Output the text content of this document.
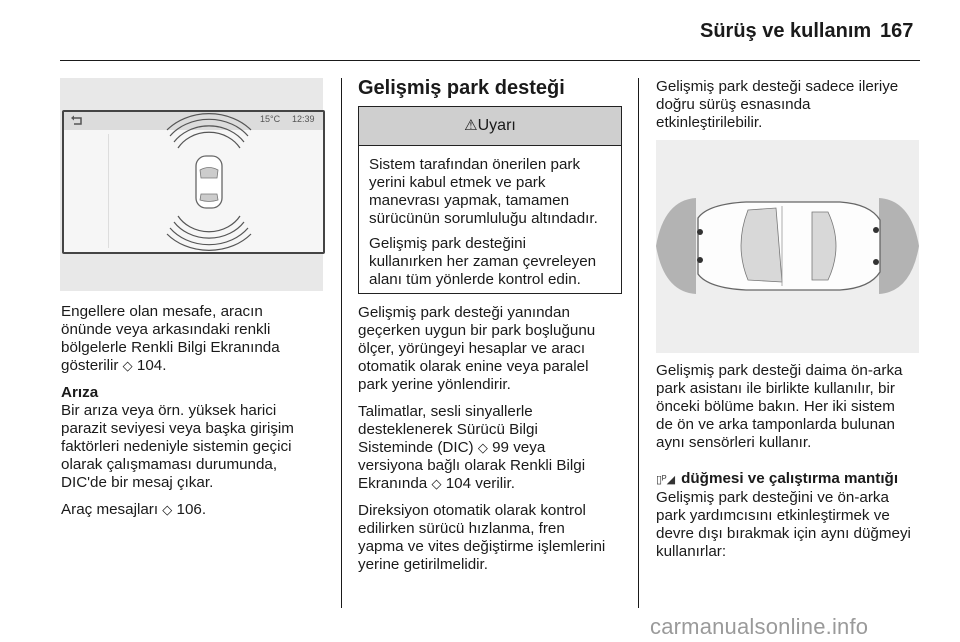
Sürüş ve kullanım 167
15°C 12:39

Engellere olan mesafe, aracın
önünde veya arkasındaki renkli
bölgelerle Renkli Bilgi Ekranında
gösterilir ◇ 104.

Arıza

Bir arıza veya örn. yüksek harici
parazit seviyesi veya başka girişim
faktörleri nedeniyle sistemin geçici
olarak çalışmaması durumunda,
DIC'de bir mesaj çıkar.

Araç mesajları ◇ 106.

Gelişmiş park desteği
⚠Uyarı

Sistem tarafından önerilen park
yerini kabul etmek ve park
manevrası yapmak, tamamen
sürücünün sorumluluğu altındadır.

Gelişmiş park desteğini
kullanırken her zaman çevreleyen
alanı tüm yönlerde kontrol edin.

Gelişmiş park desteği yanından
geçerken uygun bir park boşluğunu
ölçer, yörüngeyi hesaplar ve aracı
otomatik olarak enine veya paralel
park yerine yönlendirir.

Talimatlar, sesli sinyallerle
desteklenerek Sürücü Bilgi
Sisteminde (DIC) ◇ 99 veya
versiyona bağlı olarak Renkli Bilgi
Ekranında ◇ 104 verilir.

Direksiyon otomatik olarak kontrol
edilirken sürücü hızlanma, fren
yapma ve vites değiştirme işlemlerini
yerine getirilmelidir.

Gelişmiş park desteği sadece ileriye
doğru sürüş esnasında
etkinleştirilebilir.

Gelişmiş park desteği daima ön-arka
park asistanı ile birlikte kullanılır, bir
önceki bölüme bakın. Her iki sistem
de ön ve arka tamponlarda bulunan
aynı sensörleri kullanır.

▯ᴾ◢ düğmesi ve çalıştırma mantığı

Gelişmiş park desteğini ve ön-arka
park yardımcısını etkinleştirmek ve
devre dışı bırakmak için aynı düğmeyi
kullanırlar:

carmanualsonline.info
